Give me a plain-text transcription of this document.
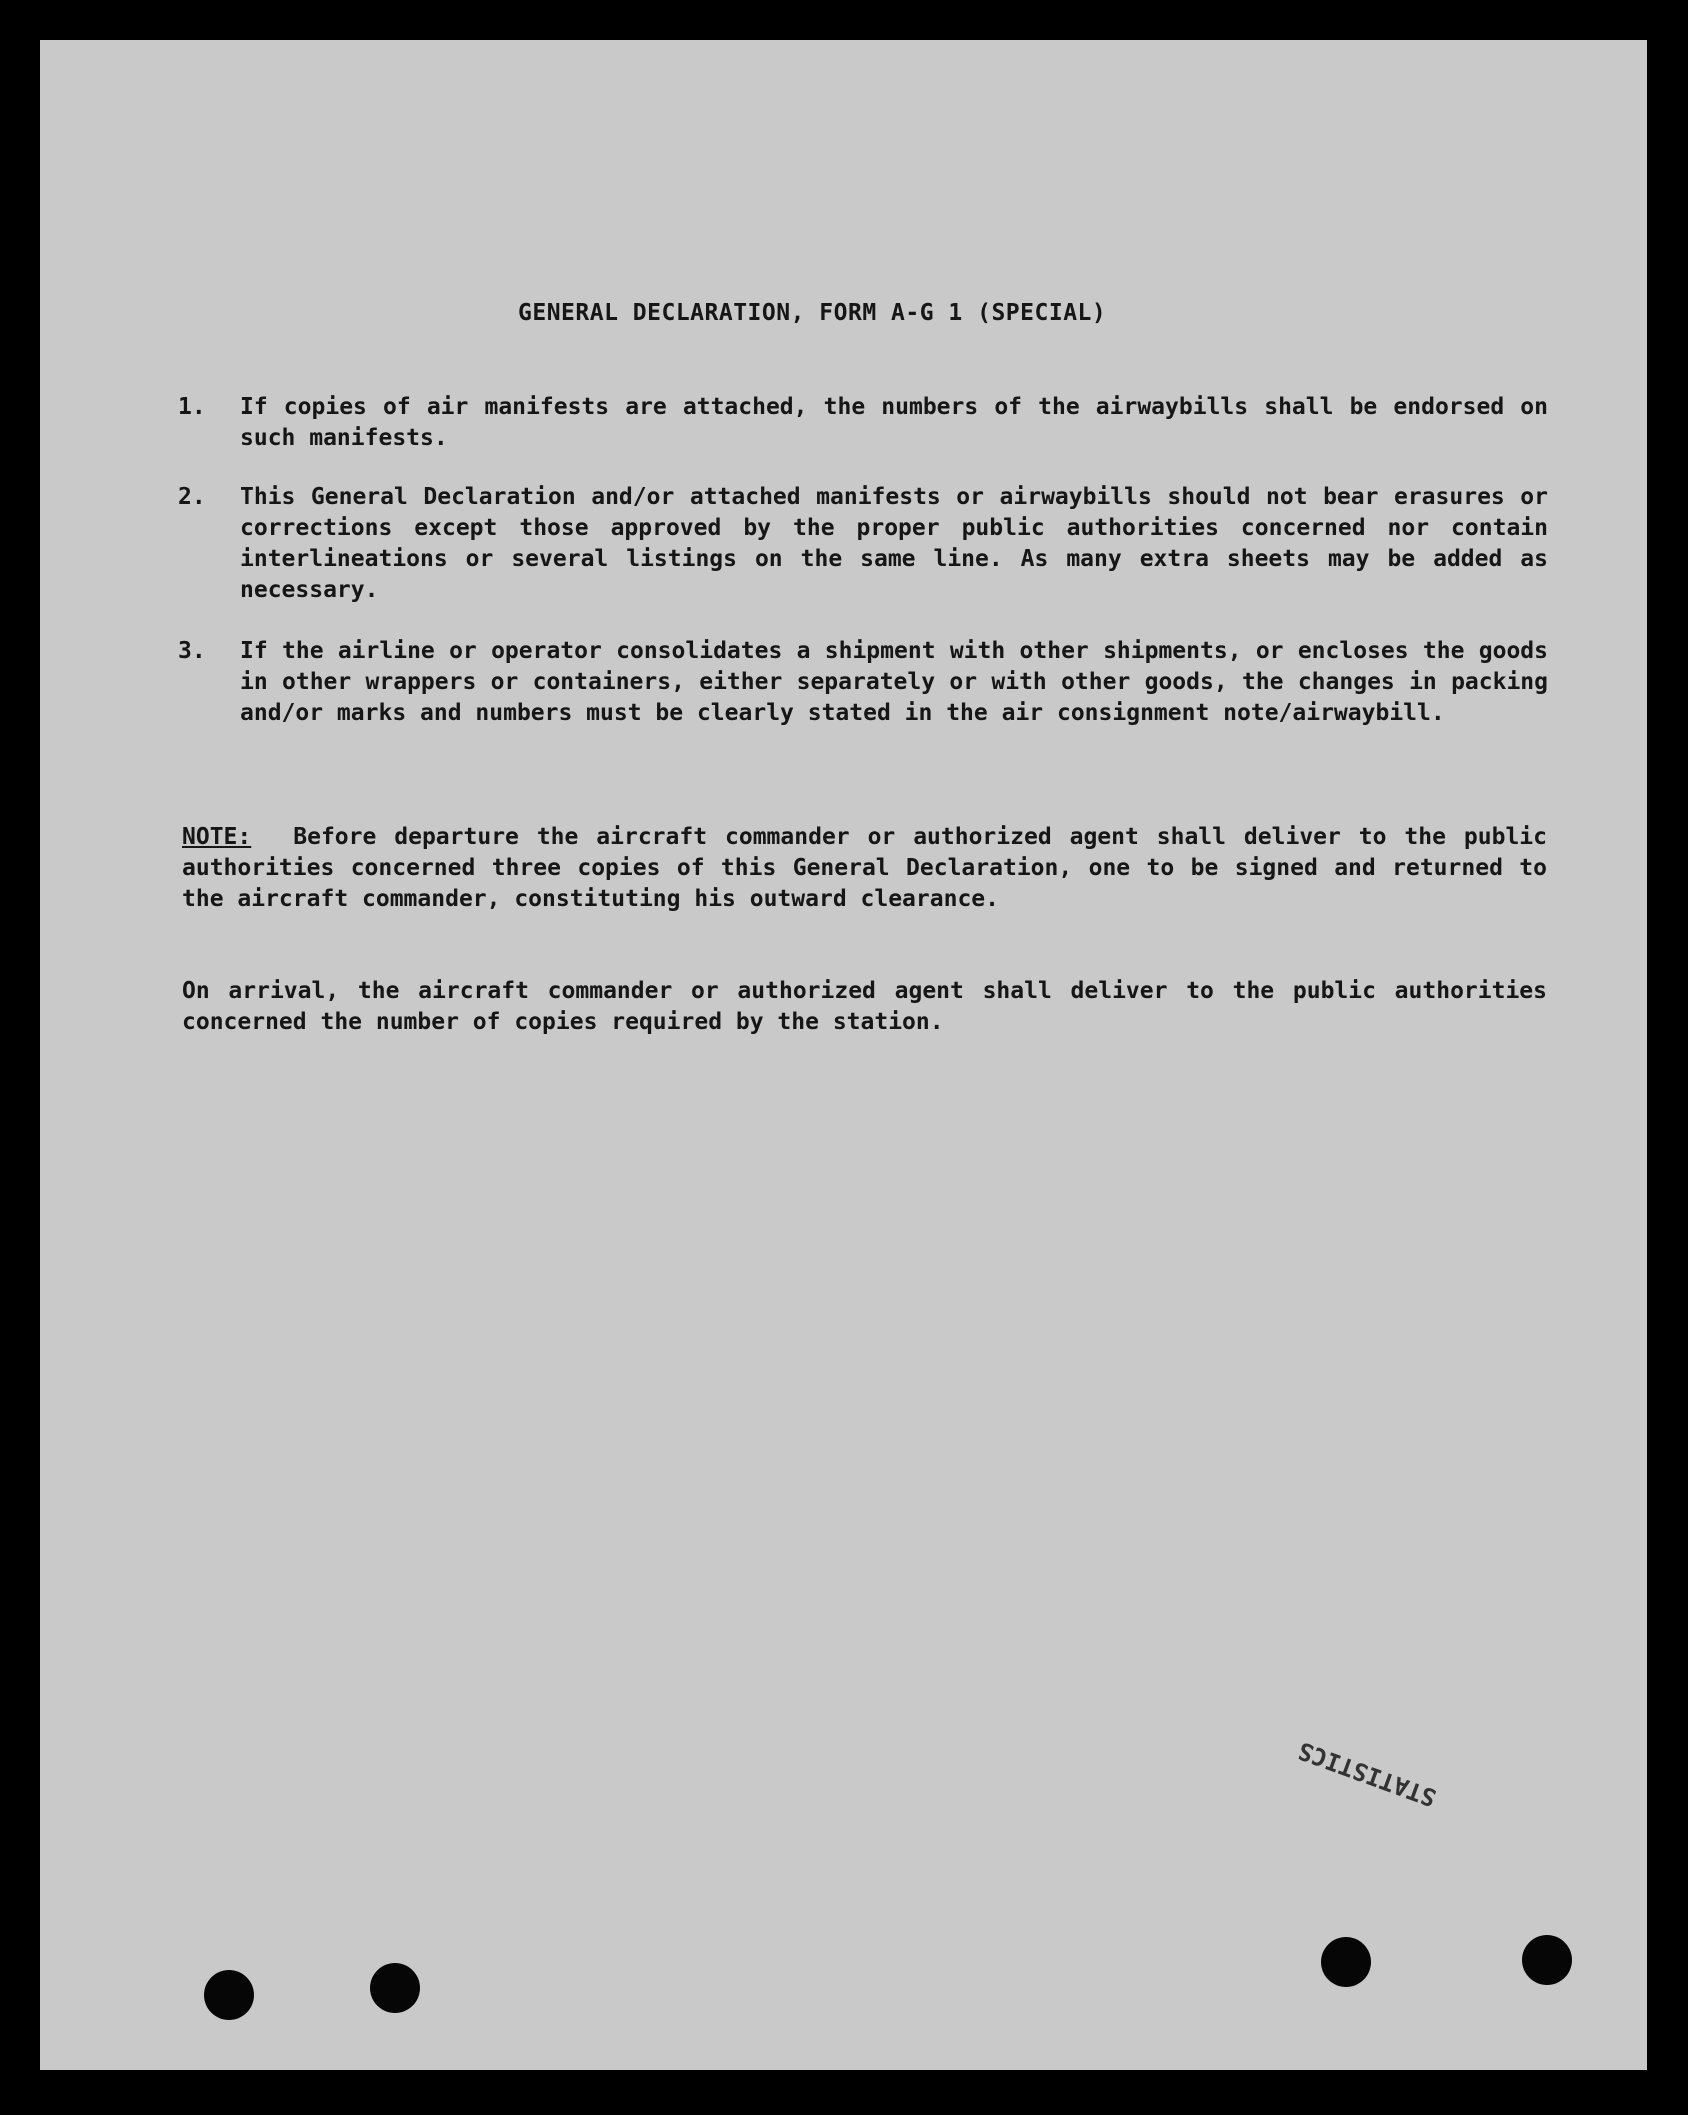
GENERAL DECLARATION, FORM A-G 1 (SPECIAL)
1. If copies of air manifests are attached, the numbers of the airwaybills shall be endorsed on such manifests.
2. This General Declaration and/or attached manifests or airwaybills should not bear erasures or corrections except those approved by the proper public authorities concerned nor contain interlineations or several listings on the same line. As many extra sheets may be added as necessary.
3. If the airline or operator consolidates a shipment with other shipments, or encloses the goods in other wrappers or containers, either separately or with other goods, the changes in packing and/or marks and numbers must be clearly stated in the air consignment note/airwaybill.
NOTE: Before departure the aircraft commander or authorized agent shall deliver to the public authorities concerned three copies of this General Declaration, one to be signed and returned to the aircraft commander, constituting his outward clearance.
On arrival, the aircraft commander or authorized agent shall deliver to the public authorities concerned the number of copies required by the station.
STATISTICS
